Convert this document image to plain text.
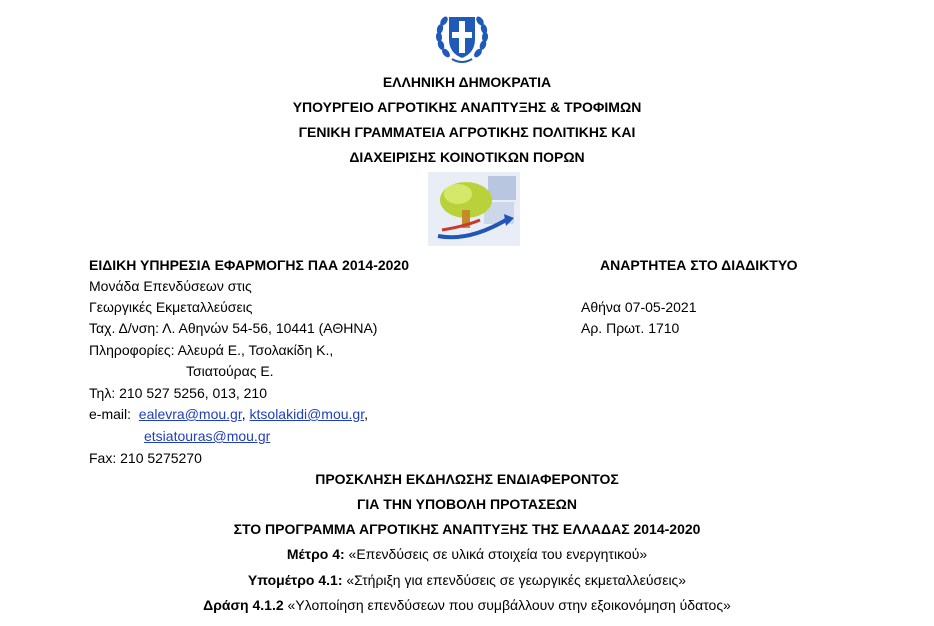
ΕΛΛΗΝΙΚΗ ΔΗΜΟΚΡΑΤΙΑ
ΥΠΟΥΡΓΕΙΟ ΑΓΡΟΤΙΚΗΣ ΑΝΑΠΤΥΞΗΣ & ΤΡΟΦΙΜΩΝ
ΓΕΝΙΚΗ ΓΡΑΜΜΑΤΕΙΑ ΑΓΡΟΤΙΚΗΣ ΠΟΛΙΤΙΚΗΣ ΚΑΙ
ΔΙΑΧΕΙΡΙΣΗΣ ΚΟΙΝΟΤΙΚΩΝ ΠΟΡΩΝ
ΕΙΔΙΚΗ ΥΠΗΡΕΣΙΑ ΕΦΑΡΜΟΓΗΣ ΠΑΑ 2014-2020
Μονάδα Επενδύσεων στις
Γεωργικές Εκμεταλλεύσεις
Ταχ. Δ/νση: Λ. Αθηνών 54-56, 10441 (ΑΘΗΝΑ)
Πληροφορίες: Αλευρά Ε., Τσολακίδη Κ.,
Τσιατούρας Ε.
Τηλ: 210 527 5256, 013, 210
e-mail: ealevra@mou.gr, ktsolakidi@mou.gr,
etsiatouras@mou.gr
Fax: 210 5275270
ΑΝΑΡΤΗΤΕΑ ΣΤΟ ΔΙΑΔΙΚΤΥΟ
Αθήνα 07-05-2021
Αρ. Πρωτ. 1710
ΠΡΟΣΚΛΗΣΗ ΕΚΔΗΛΩΣΗΣ ΕΝΔΙΑΦΕΡΟΝΤΟΣ
ΓΙΑ ΤΗΝ ΥΠΟΒΟΛΗ ΠΡΟΤΑΣΕΩΝ
ΣΤΟ ΠΡΟΓΡΑΜΜΑ ΑΓΡΟΤΙΚΗΣ ΑΝΑΠΤΥΞΗΣ ΤΗΣ ΕΛΛΑΔΑΣ 2014-2020
Μέτρο 4: «Επενδύσεις σε υλικά στοιχεία του ενεργητικού»
Υπομέτρο 4.1: «Στήριξη για επενδύσεις σε γεωργικές εκμεταλλεύσεις»
Δράση 4.1.2 «Υλοποίηση επενδύσεων που συμβάλλουν στην εξοικονόμηση ύδατος»
